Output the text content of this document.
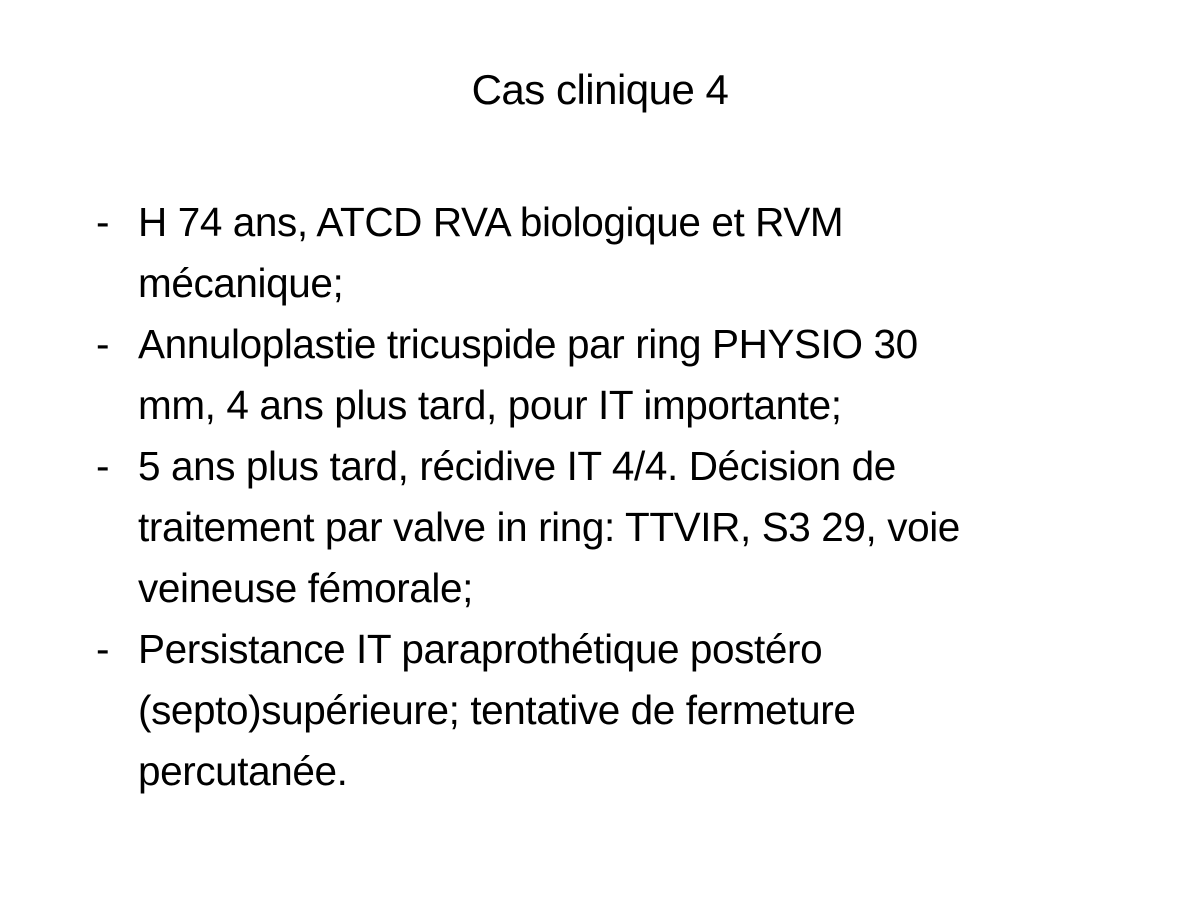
Cas clinique 4
- H 74 ans, ATCD RVA biologique et RVM
mécanique;
- Annuloplastie tricuspide par ring PHYSIO 30
mm, 4 ans plus tard, pour IT importante;
- 5 ans plus tard, récidive IT 4/4. Décision de
traitement par valve in ring: TTVIR, S3 29, voie
veineuse fémorale;
- Persistance IT paraprothétique postéro
(septo)supérieure; tentative de fermeture
percutanée.
